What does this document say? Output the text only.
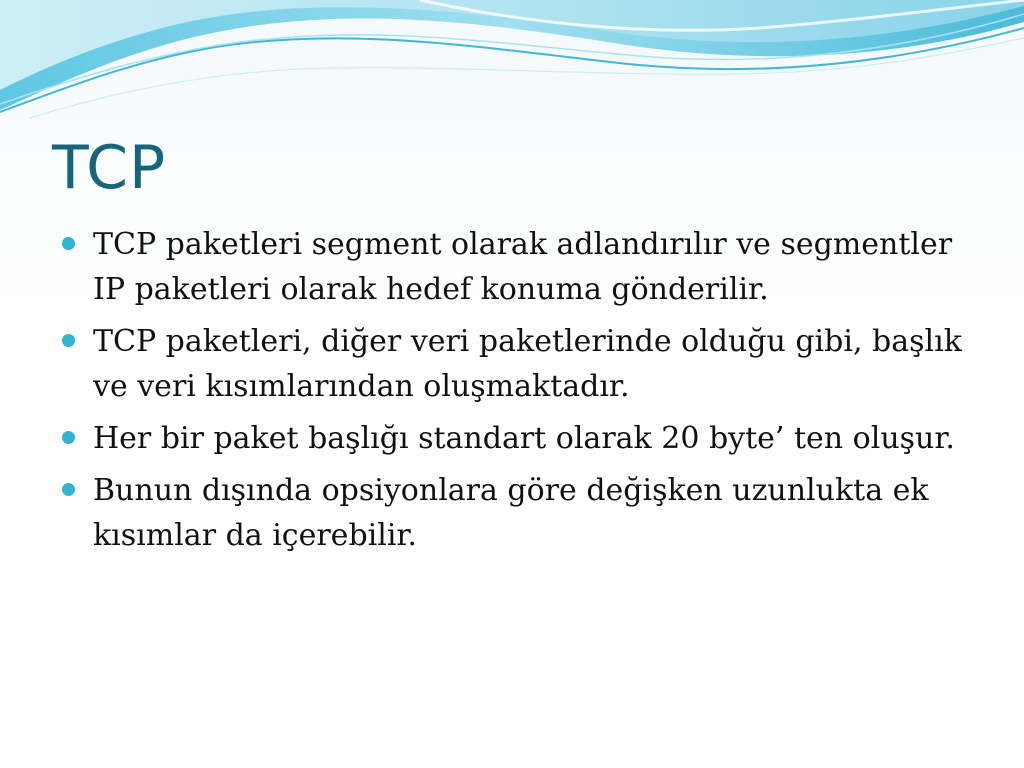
TCP
TCP paketleri segment olarak adlandırılır ve segmentler IP paketleri olarak hedef konuma gönderilir.
TCP paketleri, diğer veri paketlerinde olduğu gibi, başlık ve veri kısımlarından oluşmaktadır.
Her bir paket başlığı standart olarak 20 byte’ ten oluşur.
Bunun dışında opsiyonlara göre değişken uzunlukta ek kısımlar da içerebilir.
